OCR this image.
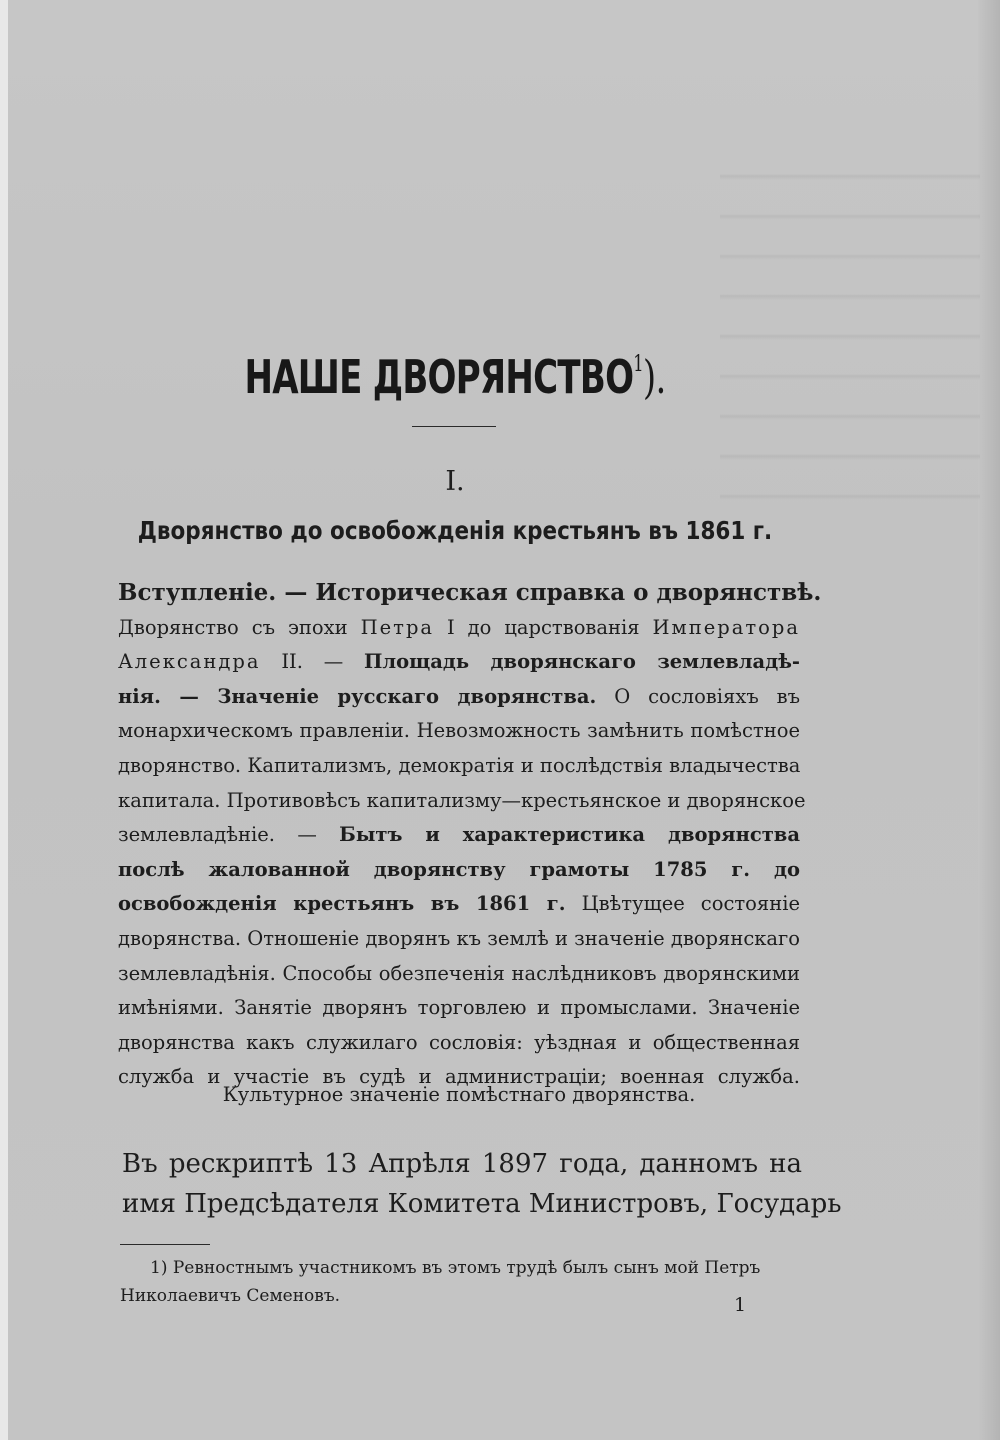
НАШЕ ДВОРЯНСТВО$^1$).
I.
Дворянство до освобожденія крестьянъ въ 1861 г.
Вступленіе. — Историческая справка о дворянствѣ.
Дворянство съ эпохи Петра I до царствованія Императора
Александра II. — Площадь дворянскаго землевладѣ-
нія. — Значеніе русскаго дворянства. О сословіяхъ въ
монархическомъ правленіи. Невозможность замѣнить помѣстное
дворянство. Капитализмъ, демократія и послѣдствія владычества
капитала. Противовѣсъ капитализму—крестьянское и дворянское
землевладѣніе. — Бытъ и характеристика дворянства
послѣ жалованной дворянству грамоты 1785 г. до
освобожденія крестьянъ въ 1861 г. Цвѣтущее состояніе
дворянства. Отношеніе дворянъ къ землѣ и значеніе дворянскаго
землевладѣнія. Способы обезпеченія наслѣдниковъ дворянскими
имѣніями. Занятіе дворянъ торговлею и промыслами. Значеніе
дворянства какъ служилаго сословія: уѣздная и общественная
служба и участіе въ судѣ и администраціи; военная служба.
Культурное значеніе помѣстнаго дворянства.
Въ рескриптѣ 13 Апрѣля 1897 года, данномъ на
имя Предсѣдателя Комитета Министровъ, Государь
1) Ревностнымъ участникомъ въ этомъ трудѣ былъ сынъ мой Петръ
Николаевичъ Семеновъ.	1
